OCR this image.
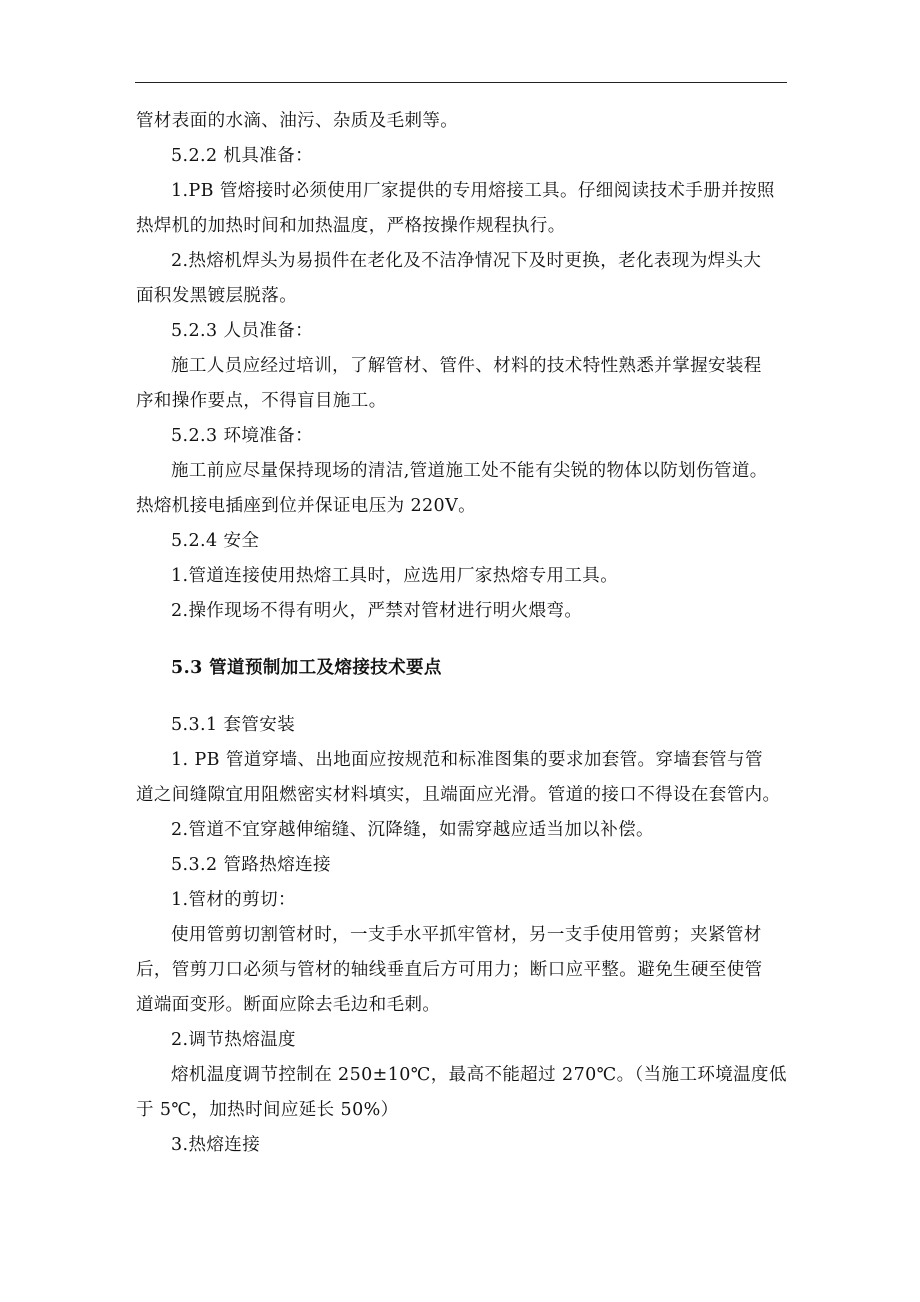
管材表面的水滴、油污、杂质及毛刺等。

5.2.2 机具准备：

1.PB 管熔接时必须使用厂家提供的专用熔接工具。仔细阅读技术手册并按照

热焊机的加热时间和加热温度，严格按操作规程执行。

2.热熔机焊头为易损件在老化及不洁净情况下及时更换，老化表现为焊头大

面积发黑镀层脱落。

5.2.3 人员准备：

施工人员应经过培训，了解管材、管件、材料的技术特性熟悉并掌握安装程

序和操作要点，不得盲目施工。

5.2.3 环境准备：

施工前应尽量保持现场的清洁,管道施工处不能有尖锐的物体以防划伤管道。

热熔机接电插座到位并保证电压为 220V。

5.2.4 安全

1.管道连接使用热熔工具时，应选用厂家热熔专用工具。

2.操作现场不得有明火，严禁对管材进行明火煨弯。

5.3 管道预制加工及熔接技术要点

5.3.1 套管安装

1. PB 管道穿墙、出地面应按规范和标准图集的要求加套管。穿墙套管与管

道之间缝隙宜用阻燃密实材料填实，且端面应光滑。管道的接口不得设在套管内。

2.管道不宜穿越伸缩缝、沉降缝，如需穿越应适当加以补偿。

5.3.2 管路热熔连接

1.管材的剪切：

使用管剪切割管材时，一支手水平抓牢管材，另一支手使用管剪；夹紧管材

后，管剪刀口必须与管材的轴线垂直后方可用力；断口应平整。避免生硬至使管

道端面变形。断面应除去毛边和毛刺。

2.调节热熔温度

熔机温度调节控制在 250±10℃，最高不能超过 270℃。（当施工环境温度低

于 5℃，加热时间应延长 50%）

3.热熔连接
